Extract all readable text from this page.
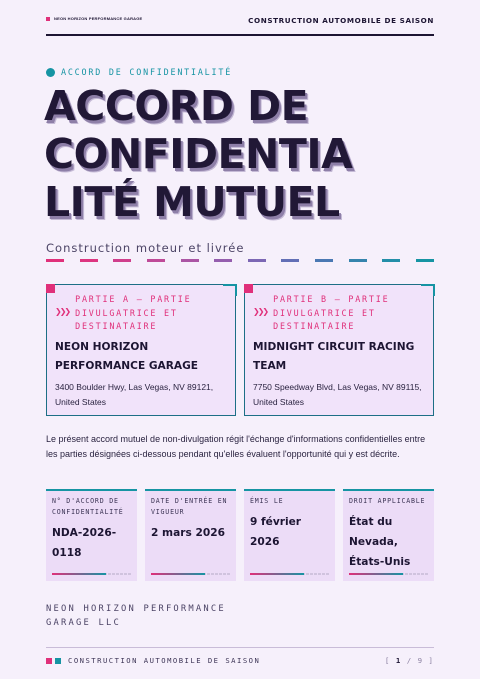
NEON HORIZON PERFORMANCE GARAGE	CONSTRUCTION AUTOMOBILE DE SAISON
ACCORD DE CONFIDENTIALITÉ
ACCORD DE
CONFIDENTIA
LITÉ MUTUEL
Construction moteur et livrée
❯❯❯
PARTIE A — PARTIE DIVULGATRICE ET DESTINATAIRE
NEON HORIZON PERFORMANCE GARAGE
3400 Boulder Hwy, Las Vegas, NV 89121, United States
❯❯❯
PARTIE B — PARTIE DIVULGATRICE ET DESTINATAIRE
MIDNIGHT CIRCUIT RACING TEAM
7750 Speedway Blvd, Las Vegas, NV 89115, United States
Le présent accord mutuel de non-divulgation régit l'échange d'informations confidentielles entre les parties désignées ci-dessous pendant qu'elles évaluent l'opportunité qui y est décrite.
N° D'ACCORD DE CONFIDENTIALITÉ
NDA-2026-0118
DATE D'ENTRÉE EN VIGUEUR
2 mars 2026
ÉMIS LE
9 février 2026
DROIT APPLICABLE
État du Nevada, États-Unis
NEON HORIZON PERFORMANCE GARAGE LLC
CONSTRUCTION AUTOMOBILE DE SAISON	[ 1 / 9 ]
